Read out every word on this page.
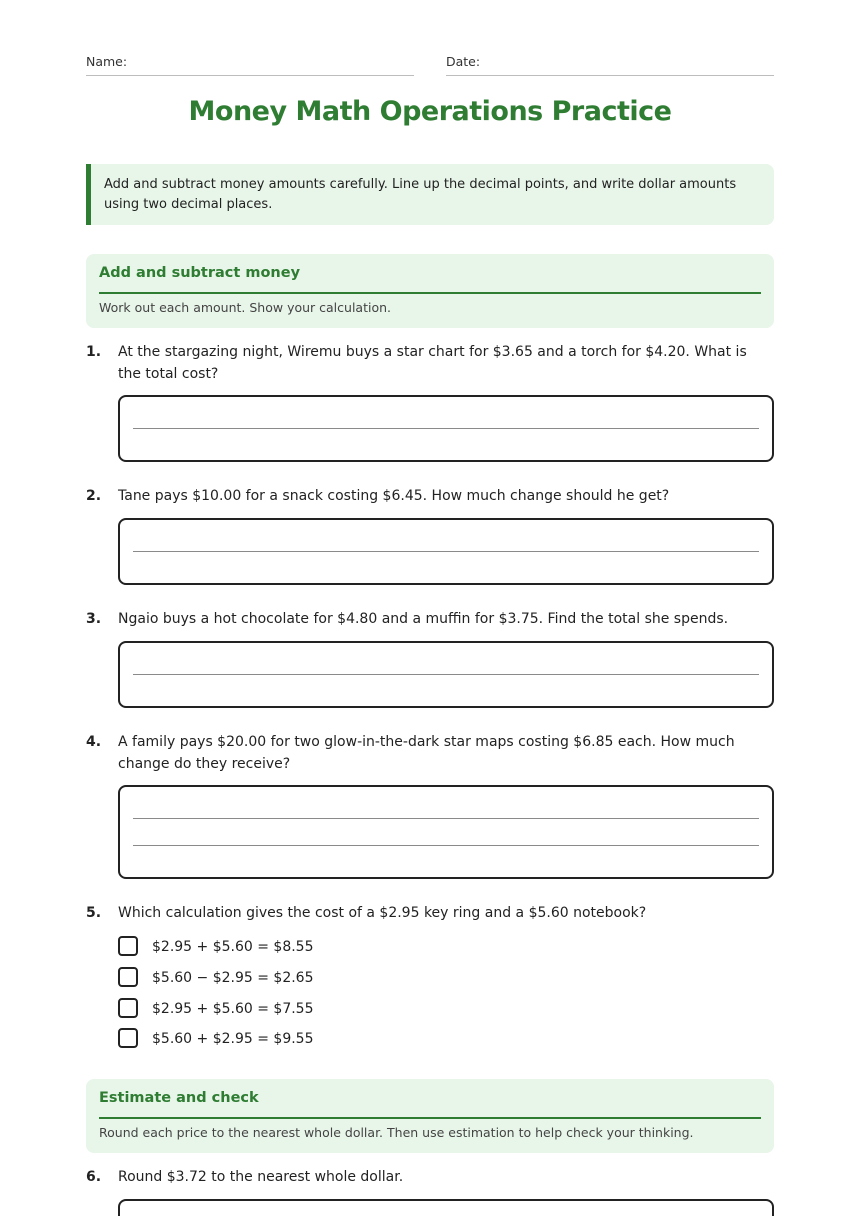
Name:	Date:
Money Math Operations Practice
Add and subtract money amounts carefully. Line up the decimal points, and write dollar amounts using two decimal places.
Add and subtract money
Work out each amount. Show your calculation.
1. At the stargazing night, Wiremu buys a star chart for $3.65 and a torch for $4.20. What is the total cost?
2. Tane pays $10.00 for a snack costing $6.45. How much change should he get?
3. Ngaio buys a hot chocolate for $4.80 and a muffin for $3.75. Find the total she spends.
4. A family pays $20.00 for two glow-in-the-dark star maps costing $6.85 each. How much change do they receive?
5. Which calculation gives the cost of a $2.95 key ring and a $5.60 notebook?
$2.95 + $5.60 = $8.55
$5.60 − $2.95 = $2.65
$2.95 + $5.60 = $7.55
$5.60 + $2.95 = $9.55
Estimate and check
Round each price to the nearest whole dollar. Then use estimation to help check your thinking.
6. Round $3.72 to the nearest whole dollar.
